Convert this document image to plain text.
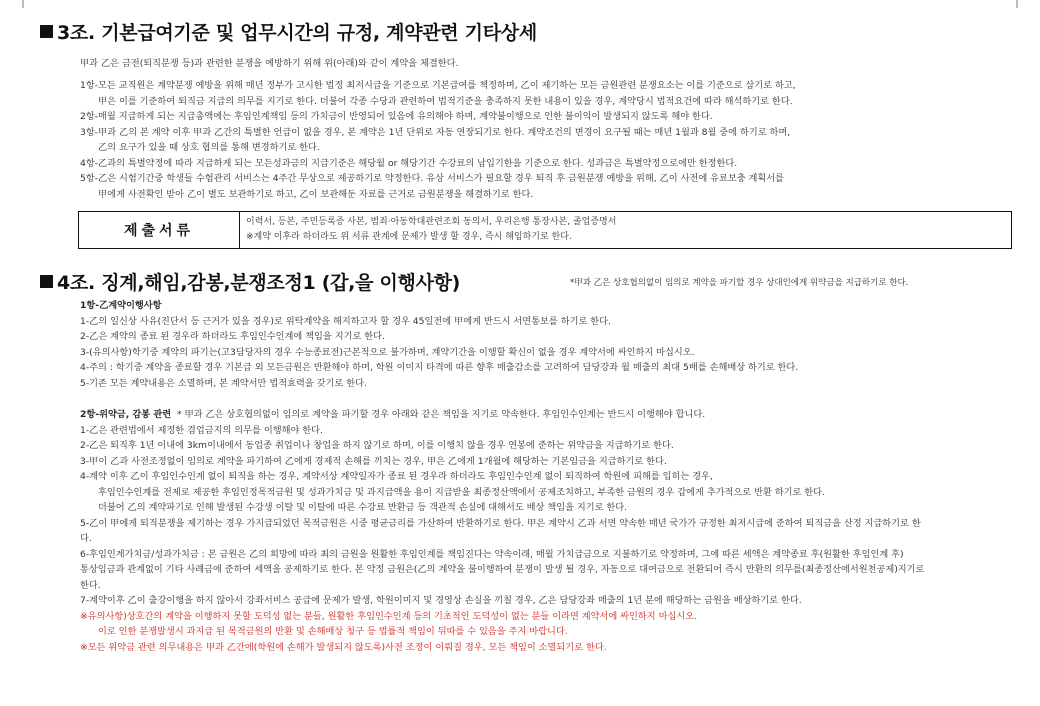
3조. 기본급여기준 및 업무시간의 규정, 계약관련 기타상세
甲과 乙은 금전(퇴직분쟁 등)과 관련한 분쟁을 예방하기 위해 위(아래)와 같이 계약을 체결한다.

1항-모든 교직원은 계약분쟁 예방을 위해 매년 정부가 고시한 법정 최저시급을 기준으로 기본급여를 책정하며, 乙이 제기하는 모든 금원관련 분쟁요소는 이를 기준으로 삼기로 하고,

甲은 이를 기준하여 퇴직금 지급의 의무를 지기로 한다. 더불어 각종 수당과 관련하여 법적기준을 충족하지 못한 내용이 있을 경우, 계약당시 법적요건에 따라 해석하기로 한다.

2항-매월 지급하게 되는 지급총액에는 후임인계책임 등의 가치금이 반영되어 있음에 유의해야 하며, 계약불이행으로 인한 불이익이 발생되지 않도록 해야 한다.

3항-甲과 乙의 본 계약 이후 甲과 乙간의 특별한 언급이 없을 경우, 본 계약은 1년 단위로 자동 연장되기로 한다. 계약조건의 변경이 요구될 때는 매년 1월과 8월 중에 하기로 하며,

乙의 요구가 있을 때 상호 협의를 통해 변경하기로 한다.

4항-乙과의 특별약정에 따라 지급하게 되는 모든성과금의 지급기준은 해당월 or 해당기간 수강료의 납입기한을 기준으로 한다. 성과금은 특별약정으로에만 한정한다.

5항-乙은 시험기간중 학생들 수험관리 서비스는 4주간 무상으로 제공하기로 약정한다. 유상 서비스가 필요할 경우 퇴직 후 금원분쟁 예방을 위해, 乙이 사전에 유료보충 계획서를

甲에게 사전확인 받아 乙이 별도 보관하기로 하고, 乙이 보관해둔 자료를 근거로 금원분쟁을 해결하기로 한다.

제출서류
이력서, 등본, 주민등록증 사본, 범죄·아동학대관련조회 동의서, 우리은행 통장사본, 졸업증명서
※계약 이후라 하더라도 위 서류 관계에 문제가 발생 할 경우, 즉시 해임하기로 한다.
4조. 징계,해임,감봉,분쟁조정1 (갑,을 이행사항)	*甲과 乙은 상호협의없이 임의로 계약을 파기할 경우 상대인에게 위약금을 지급하기로 한다.

1항-乙계약이행사항

1-乙의 일신상 사유(진단서 등 근거가 있을 경우)로 위탁계약을 해지하고자 할 경우 45일전에 甲에게 반드시 서면통보를 하기로 한다.

2-乙은 계약의 종료 된 경우라 하더라도 후임인수인계에 책임을 지기로 한다.

3-(유의사항)학기중 계약의 파기는(고3담당자의 경우 수능종료전)근본적으로 불가하며, 계약기간을 이행할 확신이 없을 경우 계약서에 싸인하지 마십시오.

4-주의 : 학기중 계약을 종료할 경우 기본급 외 모든금원은 반환해야 하며, 학원 이미지 타격에 따른 향후 매출감소를 고려하여 담당강좌 월 매출의 최대 5배를 손해배상 하기로 한다.

5-기존 모든 계약내용은 소멸하며, 본 계약서만 법적효력을 갖기로 한다.

2항-위약금, 감봉 관련 * 甲과 乙은 상호협의없이 임의로 계약을 파기할 경우 아래와 같은 책임을 지기로 약속한다. 후임인수인계는 반드시 이행해야 합니다.

1-乙은 관련법에서 제정한 겸업금지의 의무를 이행해야 한다.

2-乙은 퇴직후 1년 이내에 3km이내에서 동업종 취업이나 창업을 하지 않기로 하며, 이를 이행치 않을 경우 연봉에 준하는 위약금을 지급하기로 한다.

3-甲이 乙과 사전조정없이 임의로 계약을 파기하여 乙에게 경제적 손해를 끼치는 경우, 甲은 乙에게 1개월에 해당하는 기본임금을 지급하기로 한다.

4-계약 이후 乙이 후임인수인계 없이 퇴직을 하는 경우, 계약서상 계약일자가 종료 된 경우라 하더라도 후임인수인계 없이 퇴직하여 학원에 피해를 입히는 경우,

후임인수인계를 전제로 제공한 후임인정목적금원 및 성과가치금 및 과지급액을 용이 지급받을 최종정산액에서 공제조치하고, 부족한 금원의 경우 갑에게 추가적으로 반환 하기로 한다.

더불어 乙의 계약파기로 인해 발생된 수강생 이탈 및 이탈에 따른 수강료 반환금 등 객관적 손실에 대해서도 배상 책임을 지기로 한다.

5-乙이 甲에게 퇴직분쟁을 제기하는 경우 가지급되었던 목적금원은 시중 평균금리를 가산하여 반환하기로 한다. 甲은 계약시 乙과 서면 약속한 매년 국가가 규정한 최저시급에 준하여 퇴직금을 산정 지급하기로 한

다.

6-후임인계가치금/성과가치금 : 본 금원은 乙의 희망에 따라 최의 금원을 원활한 후임인계를 책임진다는 약속이래, 매월 가치급금으로 지불하기로 약정하며, 그에 따른 세액은 계약종료 후(원활한 후임인계 후)

통상임금과 관계없이 기타 사례금에 준하여 세액을 공제하기로 한다. 본 약정 금원은(乙의 계약을 불이행하여 분쟁이 발생 될 경우, 자동으로 대여금으로 전환되어 즉시 반환의 의무를(최종정산에서원천공제)지기로

한다.

7-계약이후 乙이 출강이행을 하지 않아서 강좌서비스 공급에 문제가 발생, 학원이미지 및 경영상 손실을 끼칠 경우, 乙은 담당강좌 매출의 1년 분에 해당하는 금원을 배상하기로 한다.

※유의사항)상호간의 계약을 이행하지 못할 도덕성 없는 분들, 원활한 후임인수인계 등의 기초적인 도덕성이 없는 분들 이라면 계약서에 싸인하지 마십시오.

이로 인한 분쟁발생시 과지급 된 목적금원의 반환 및 손해배상 청구 등 법률적 책임이 뒤따를 수 있음을 주지 바랍니다.

※모든 위약금 관련 의무내용은 甲과 乙간에(학원에 손해가 발생되지 않도록)사전 조정이 이뤄질 경우, 모든 책임이 소멸되기로 한다.
